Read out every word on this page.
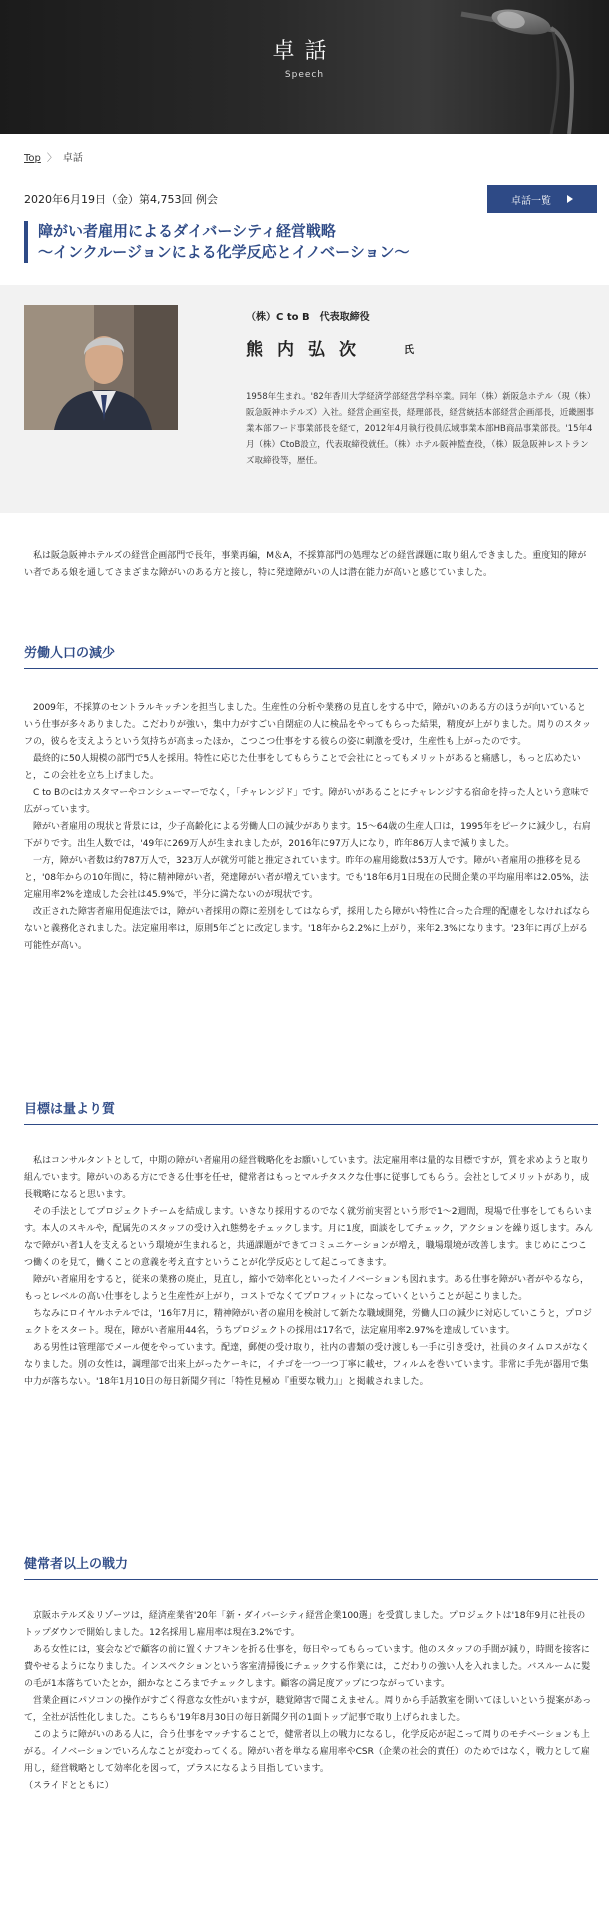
卓話
Speech
Top 〉 卓話
2020年6月19日（金）第4,753回 例会	卓話一覧
障がい者雇用によるダイバーシティ経営戦略
〜インクルージョンによる化学反応とイノベーション〜
（株）C to B　代表取締役
熊内弘次	氏
1958年生まれ。'82年香川大学経済学部経営学科卒業。同年（株）新阪急ホテル（現（株）阪急阪神ホテルズ）入社。経営企画室長，経理部長，経営統括本部経営企画部長，近畿圏事業本部フード事業部長を経て，2012年4月執行役員広域事業本部HB商品事業部長。'15年4月（株）CtoB設立，代表取締役就任。（株）ホテル阪神監査役，（株）阪急阪神レストランズ取締役等，歴任。

私は阪急阪神ホテルズの経営企画部門で長年，事業再編，M＆A，不採算部門の処理などの経営課題に取り組んできました。重度知的障がい者である娘を通してさまざまな障がいのある方と接し，特に発達障がいの人は潜在能力が高いと感じていました。

労働人口の減少

2009年，不採算のセントラルキッチンを担当しました。生産性の分析や業務の見直しをする中で，障がいのある方のほうが向いているという仕事が多々ありました。こだわりが強い，集中力がすごい自閉症の人に検品をやってもらった結果，精度が上がりました。周りのスタッフの，彼らを支えようという気持ちが高まったほか，こつこつ仕事をする彼らの姿に刺激を受け，生産性も上がったのです。

最終的に50人規模の部門で5人を採用。特性に応じた仕事をしてもらうことで会社にとってもメリットがあると痛感し，もっと広めたいと，この会社を立ち上げました。

C to Bのcはカスタマーやコンシューマーでなく，「チャレンジド」です。障がいがあることにチャレンジする宿命を持った人という意味で広がっています。

障がい者雇用の現状と背景には，少子高齢化による労働人口の減少があります。15〜64歳の生産人口は，1995年をピークに減少し，右肩下がりです。出生人数では，'49年に269万人が生まれましたが，2016年に97万人になり，昨年86万人まで減りました。

一方，障がい者数は約787万人で，323万人が就労可能と推定されています。昨年の雇用総数は53万人です。障がい者雇用の推移を見ると，'08年からの10年間に，特に精神障がい者，発達障がい者が増えています。でも'18年6月1日現在の民間企業の平均雇用率は2.05%，法定雇用率2%を達成した会社は45.9%で，半分に満たないのが現状です。

改正された障害者雇用促進法では，障がい者採用の際に差別をしてはならず，採用したら障がい特性に合った合理的配慮をしなければならないと義務化されました。法定雇用率は，原則5年ごとに改定します。'18年から2.2%に上がり，来年2.3%になります。'23年に再び上がる可能性が高い。

目標は量より質

私はコンサルタントとして，中期の障がい者雇用の経営戦略化をお願いしています。法定雇用率は量的な目標ですが，質を求めようと取り組んでいます。障がいのある方にできる仕事を任せ，健常者はもっとマルチタスクな仕事に従事してもらう。会社としてメリットがあり，成長戦略になると思います。

その手法としてプロジェクトチームを結成します。いきなり採用するのでなく就労前実習という形で1〜2週間，現場で仕事をしてもらいます。本人のスキルや，配属先のスタッフの受け入れ態勢をチェックします。月に1度，面談をしてチェック，アクションを繰り返します。みんなで障がい者1人を支えるという環境が生まれると，共通課題ができてコミュニケーションが増え，職場環境が改善します。まじめにこつこつ働くのを見て，働くことの意義を考え直すということが化学反応として起こってきます。

障がい者雇用をすると，従来の業務の廃止，見直し，縮小で効率化といったイノベーションも図れます。ある仕事を障がい者がやるなら，もっとレベルの高い仕事をしようと生産性が上がり，コストでなくてプロフィットになっていくということが起こりました。

ちなみにロイヤルホテルでは，'16年7月に，精神障がい者の雇用を検討して新たな職域開発，労働人口の減少に対応していこうと，プロジェクトをスタート。現在，障がい者雇用44名，うちプロジェクトの採用は17名で，法定雇用率2.97%を達成しています。

ある男性は管理部でメール便をやっています。配達，郵便の受け取り，社内の書類の受け渡しも一手に引き受け，社員のタイムロスがなくなりました。別の女性は，調理部で出来上がったケーキに，イチゴを一つ一つ丁寧に載せ，フィルムを巻いています。非常に手先が器用で集中力が落ちない。'18年1月10日の毎日新聞夕刊に「特性見極め『重要な戦力』」と掲載されました。

健常者以上の戦力

京阪ホテルズ＆リゾーツは，経済産業省'20年「新・ダイバーシティ経営企業100選」を受賞しました。プロジェクトは'18年9月に社長のトップダウンで開始しました。12名採用し雇用率は現在3.2%です。

ある女性には，宴会などで顧客の前に置くナフキンを折る仕事を，毎日やってもらっています。他のスタッフの手間が減り，時間を接客に費やせるようになりました。インスペクションという客室清掃後にチェックする作業には，こだわりの強い人を入れました。バスルームに髪の毛が1本落ちていたとか，細かなところまでチェックします。顧客の満足度アップにつながっています。

営業企画にパソコンの操作がすごく得意な女性がいますが，聴覚障害で聞こえません。周りから手話教室を開いてほしいという提案があって，全社が活性化しました。こちらも'19年8月30日の毎日新聞夕刊の1面トップ記事で取り上げられました。

このように障がいのある人に，合う仕事をマッチすることで，健常者以上の戦力になるし，化学反応が起こって周りのモチベーションも上がる。イノベーションでいろんなことが変わってくる。障がい者を単なる雇用率やCSR（企業の社会的責任）のためではなく，戦力として雇用し，経営戦略として効率化を図って，プラスになるよう目指しています。

（スライドとともに）
